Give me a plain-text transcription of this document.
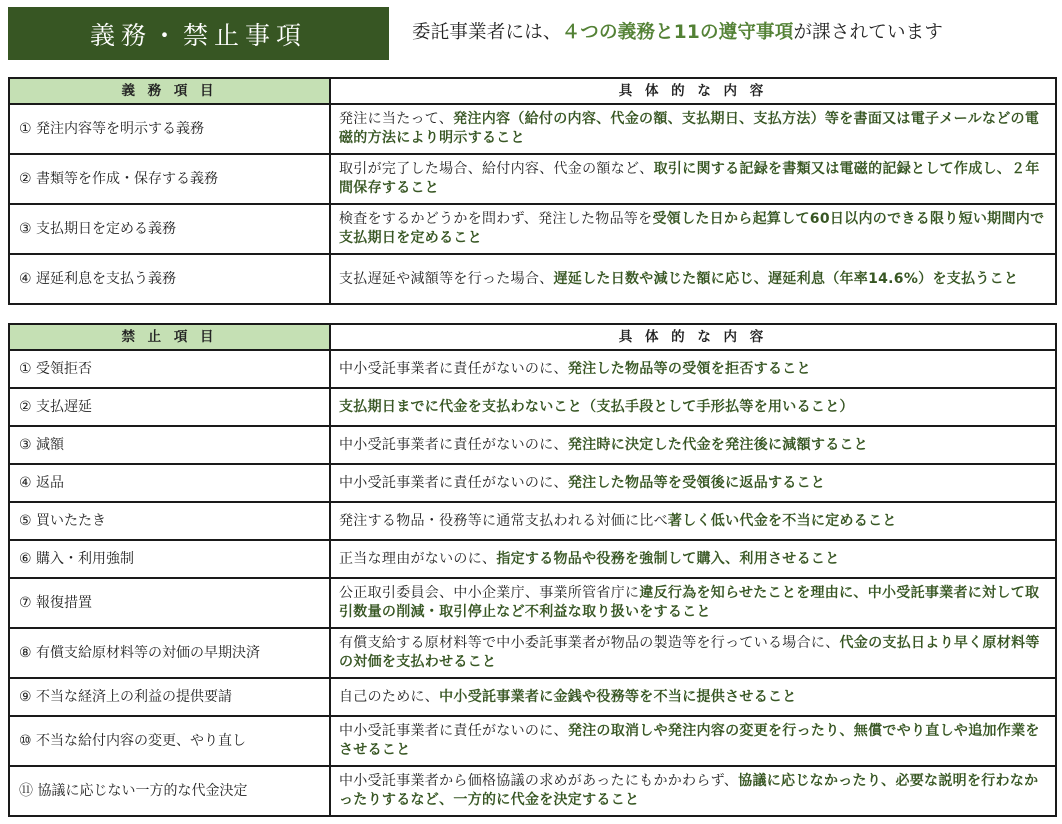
義務・禁止事項	委託事業者には、４つの義務と11の遵守事項が課されています
義 務 項 目	具 体 的 な 内 容
① 発注内容等を明示する義務	発注に当たって、発注内容（給付の内容、代金の額、支払期日、支払方法）等を書面又は電子メールなどの電磁的方法により明示すること
② 書類等を作成・保存する義務	取引が完了した場合、給付内容、代金の額など、取引に関する記録を書類又は電磁的記録として作成し、２年間保存すること
③ 支払期日を定める義務	検査をするかどうかを問わず、発注した物品等を受領した日から起算して60日以内のできる限り短い期間内で支払期日を定めること
④ 遅延利息を支払う義務	支払遅延や減額等を行った場合、遅延した日数や減じた額に応じ、遅延利息（年率14.6%）を支払うこと
禁 止 項 目	具 体 的 な 内 容
① 受領拒否	中小受託事業者に責任がないのに、発注した物品等の受領を拒否すること
② 支払遅延	支払期日までに代金を支払わないこと（支払手段として手形払等を用いること）
③ 減額	中小受託事業者に責任がないのに、発注時に決定した代金を発注後に減額すること
④ 返品	中小受託事業者に責任がないのに、発注した物品等を受領後に返品すること
⑤ 買いたたき	発注する物品・役務等に通常支払われる対価に比べ著しく低い代金を不当に定めること
⑥ 購入・利用強制	正当な理由がないのに、指定する物品や役務を強制して購入、利用させること
⑦ 報復措置	公正取引委員会、中小企業庁、事業所管省庁に違反行為を知らせたことを理由に、中小受託事業者に対して取引数量の削減・取引停止など不利益な取り扱いをすること
⑧ 有償支給原材料等の対価の早期決済	有償支給する原材料等で中小委託事業者が物品の製造等を行っている場合に、代金の支払日より早く原材料等の対価を支払わせること
⑨ 不当な経済上の利益の提供要請	自己のために、中小受託事業者に金銭や役務等を不当に提供させること
⑩ 不当な給付内容の変更、やり直し	中小受託事業者に責任がないのに、発注の取消しや発注内容の変更を行ったり、無償でやり直しや追加作業をさせること
⑪ 協議に応じない一方的な代金決定	中小受託事業者から価格協議の求めがあったにもかかわらず、協議に応じなかったり、必要な説明を行わなかったりするなど、一方的に代金を決定すること
